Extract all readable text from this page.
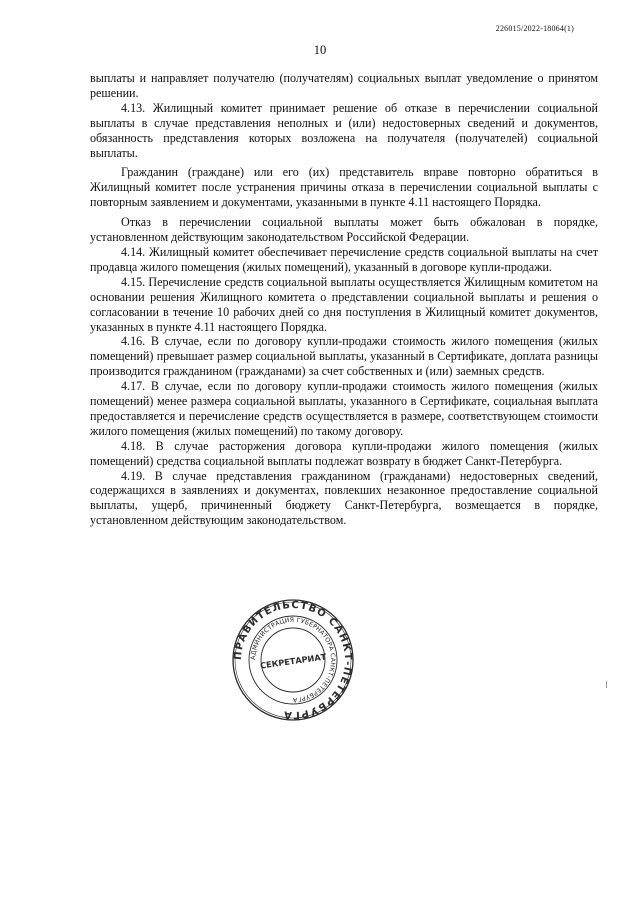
226015/2022-18064(1)
10

выплаты и направляет получателю (получателям) социальных выплат уведомление о принятом решении.

4.13. Жилищный комитет принимает решение об отказе в перечислении социальной выплаты в случае представления неполных и (или) недостоверных сведений и документов, обязанность представления которых возложена на получателя (получателей) социальной выплаты.

Гражданин (граждане) или его (их) представитель вправе повторно обратиться в Жилищный комитет после устранения причины отказа в перечислении социальной выплаты с повторным заявлением и документами, указанными в пункте 4.11 настоящего Порядка.

Отказ в перечислении социальной выплаты может быть обжалован в порядке, установленном действующим законодательством Российской Федерации.

4.14. Жилищный комитет обеспечивает перечисление средств социальной выплаты на счет продавца жилого помещения (жилых помещений), указанный в договоре купли-продажи.

4.15. Перечисление средств социальной выплаты осуществляется Жилищным комитетом на основании решения Жилищного комитета о представлении социальной выплаты и решения о согласовании в течение 10 рабочих дней со дня поступления в Жилищный комитет документов, указанных в пункте 4.11 настоящего Порядка.

4.16. В случае, если по договору купли-продажи стоимость жилого помещения (жилых помещений) превышает размер социальной выплаты, указанный в Сертификате, доплата разницы производится гражданином (гражданами) за счет собственных и (или) заемных средств.

4.17. В случае, если по договору купли-продажи стоимость жилого помещения (жилых помещений) менее размера социальной выплаты, указанного в Сертификате, социальная выплата предоставляется и перечисление средств осуществляется в размере, соответствующем стоимости жилого помещения (жилых помещений) по такому договору.

4.18. В случае расторжения договора купли-продажи жилого помещения (жилых помещений) средства социальной выплаты подлежат возврату в бюджет Санкт-Петербурга.

4.19. В случае представления гражданином (гражданами) недостоверных сведений, содержащихся в заявлениях и документах, повлекших незаконное предоставление социальной выплаты, ущерб, причиненный бюджету Санкт-Петербурга, возмещается в порядке, установленном действующим законодательством.

ПРАВИТЕЛЬСТВО САНКТ-ПЕТЕРБУРГА
АДМИНИСТРАЦИЯ ГУБЕРНАТОРА САНКТ-ПЕТЕРБУРГА
СЕКРЕТАРИАТ
